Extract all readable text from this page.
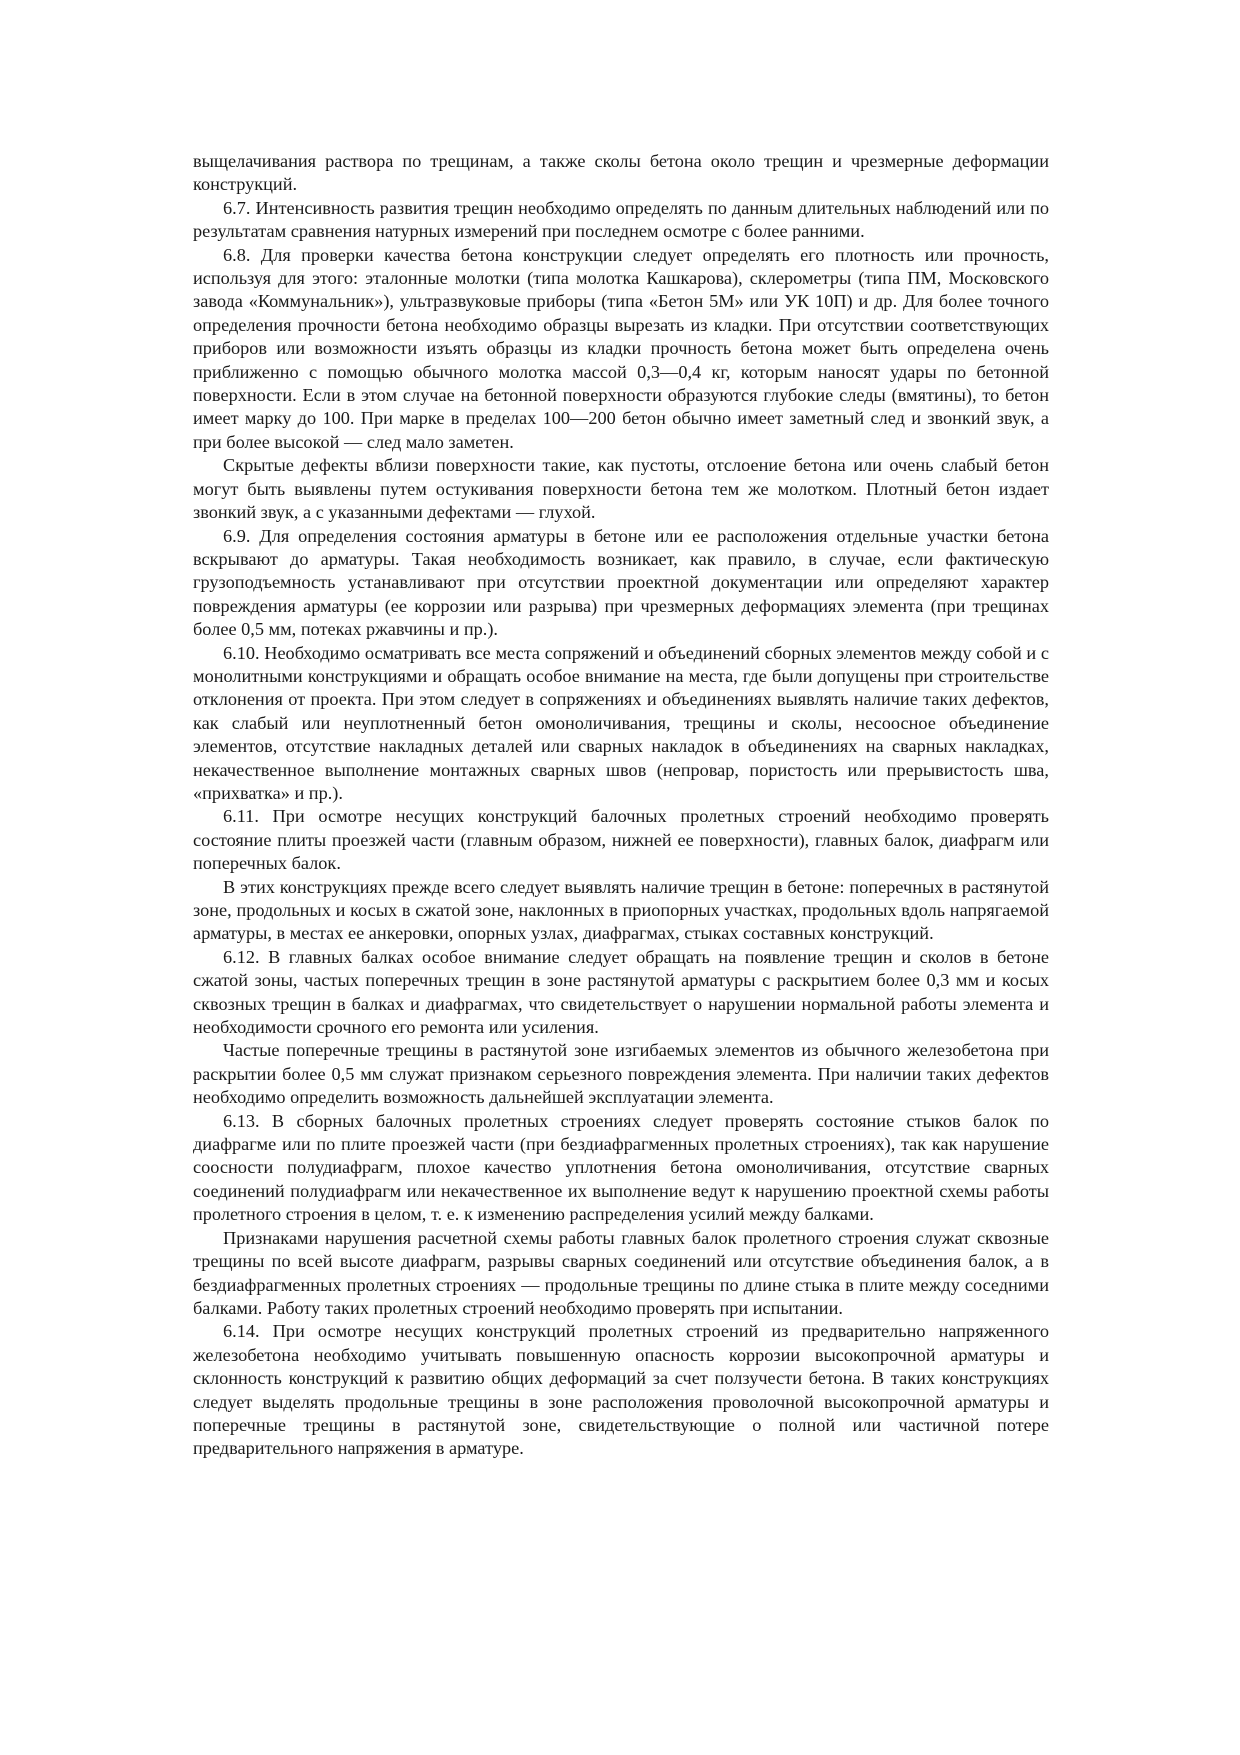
выщелачивания раствора по трещинам, а также сколы бетона около трещин и чрезмерные деформации конструкций.

6.7. Интенсивность развития трещин необходимо определять по данным длительных наблюдений или по результатам сравнения натурных измерений при последнем осмотре с более ранними.

6.8. Для проверки качества бетона конструкции следует определять его плотность или прочность, используя для этого: эталонные молотки (типа молотка Кашкарова), склерометры (типа ПМ, Московского завода «Коммунальник»), ультразвуковые приборы (типа «Бетон 5М» или УК 10П) и др. Для более точного определения прочности бетона необходимо образцы вырезать из кладки. При отсутствии соответствующих приборов или возможности изъять образцы из кладки прочность бетона может быть определена очень приближенно с помощью обычного молотка массой 0,3—0,4 кг, которым наносят удары по бетонной поверхности. Если в этом случае на бетонной поверхности образуются глубокие следы (вмятины), то бетон имеет марку до 100. При марке в пределах 100—200 бетон обычно имеет заметный след и звонкий звук, а при более высокой — след мало заметен.

Скрытые дефекты вблизи поверхности такие, как пустоты, отслоение бетона или очень слабый бетон могут быть выявлены путем остукивания поверхности бетона тем же молотком. Плотный бетон издает звонкий звук, а с указанными дефектами — глухой.

6.9. Для определения состояния арматуры в бетоне или ее расположения отдельные участки бетона вскрывают до арматуры. Такая необходимость возникает, как правило, в случае, если фактическую грузоподъемность устанавливают при отсутствии проектной документации или определяют характер повреждения арматуры (ее коррозии или разрыва) при чрезмерных деформациях элемента (при трещинах более 0,5 мм, потеках ржавчины и пр.).

6.10. Необходимо осматривать все места сопряжений и объединений сборных элементов между собой и с монолитными конструкциями и обращать особое внимание на места, где были допущены при строительстве отклонения от проекта. При этом следует в сопряжениях и объединениях выявлять наличие таких дефектов, как слабый или неуплотненный бетон омоноличивания, трещины и сколы, несоосное объединение элементов, отсутствие накладных деталей или сварных накладок в объединениях на сварных накладках, некачественное выполнение монтажных сварных швов (непровар, пористость или прерывистость шва, «прихватка» и пр.).

6.11. При осмотре несущих конструкций балочных пролетных строений необходимо проверять состояние плиты проезжей части (главным образом, нижней ее поверхности), главных балок, диафрагм или поперечных балок.

В этих конструкциях прежде всего следует выявлять наличие трещин в бетоне: поперечных в растянутой зоне, продольных и косых в сжатой зоне, наклонных в приопорных участках, продольных вдоль напрягаемой арматуры, в местах ее анкеровки, опорных узлах, диафрагмах, стыках составных конструкций.

6.12. В главных балках особое внимание следует обращать на появление трещин и сколов в бетоне сжатой зоны, частых поперечных трещин в зоне растянутой арматуры с раскрытием более 0,3 мм и косых сквозных трещин в балках и диафрагмах, что свидетельствует о нарушении нормальной работы элемента и необходимости срочного его ремонта или усиления.

Частые поперечные трещины в растянутой зоне изгибаемых элементов из обычного железобетона при раскрытии более 0,5 мм служат признаком серьезного повреждения элемента. При наличии таких дефектов необходимо определить возможность дальнейшей эксплуатации элемента.

6.13. В сборных балочных пролетных строениях следует проверять состояние стыков балок по диафрагме или по плите проезжей части (при бездиафрагменных пролетных строениях), так как нарушение соосности полудиафрагм, плохое качество уплотнения бетона омоноличивания, отсутствие сварных соединений полудиафрагм или некачественное их выполнение ведут к нарушению проектной схемы работы пролетного строения в целом, т. е. к изменению распределения усилий между балками.

Признаками нарушения расчетной схемы работы главных балок пролетного строения служат сквозные трещины по всей высоте диафрагм, разрывы сварных соединений или отсутствие объединения балок, а в бездиафрагменных пролетных строениях — продольные трещины по длине стыка в плите между соседними балками. Работу таких пролетных строений необходимо проверять при испытании.

6.14. При осмотре несущих конструкций пролетных строений из предварительно напряженного железобетона необходимо учитывать повышенную опасность коррозии высокопрочной арматуры и склонность конструкций к развитию общих деформаций за счет ползучести бетона. В таких конструкциях следует выделять продольные трещины в зоне расположения проволочной высокопрочной арматуры и поперечные трещины в растянутой зоне, свидетельствующие о полной или частичной потере предварительного напряжения в арматуре.
